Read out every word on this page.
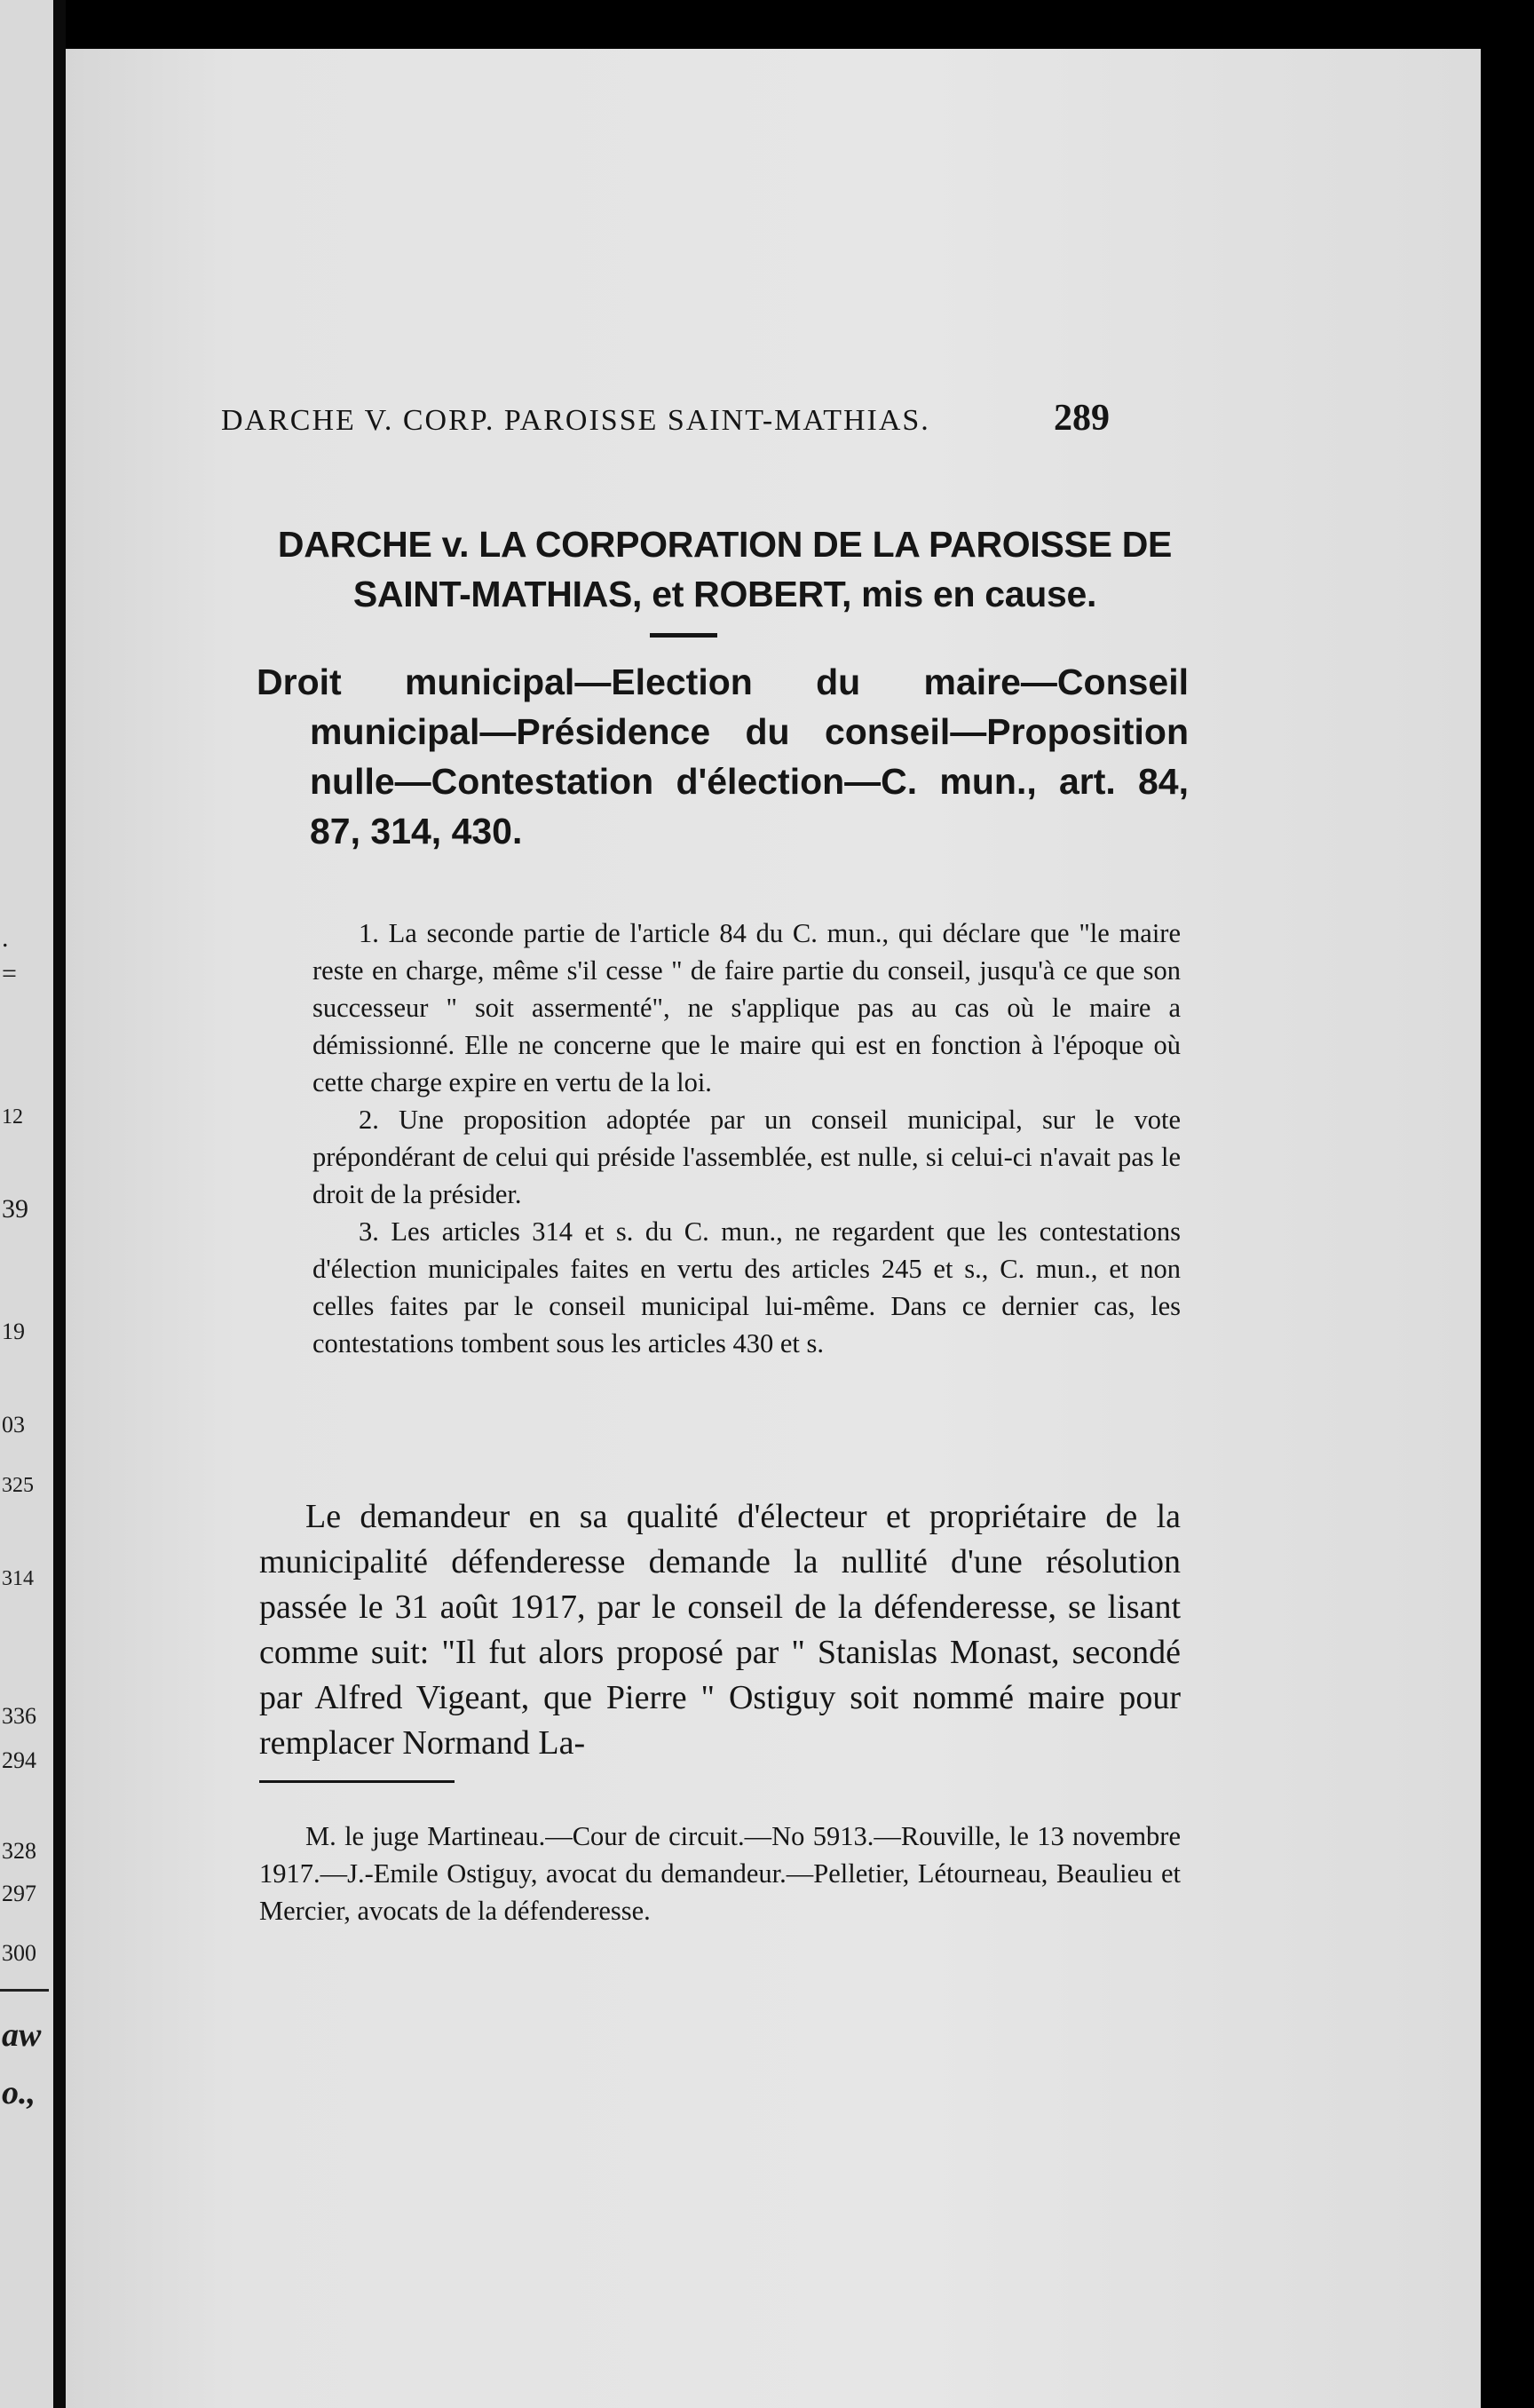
.
=
12
39
19
03
325
314
336
294
328
297
300
aw
o.,
DARCHE V. CORP. PAROISSE SAINT-MATHIAS.	289
DARCHE v. LA CORPORATION DE LA PAROISSE DE SAINT-MATHIAS, et ROBERT, mis en cause.
Droit municipal—Election du maire—Conseil municipal—Présidence du conseil—Proposition nulle—Contestation d'élection—C. mun., art. 84, 87, 314, 430.

1. La seconde partie de l'article 84 du C. mun., qui déclare que "le maire reste en charge, même s'il cesse " de faire partie du conseil, jusqu'à ce que son successeur " soit assermenté", ne s'applique pas au cas où le maire a démissionné. Elle ne concerne que le maire qui est en fonction à l'époque où cette charge expire en vertu de la loi.

2. Une proposition adoptée par un conseil municipal, sur le vote prépondérant de celui qui préside l'assemblée, est nulle, si celui-ci n'avait pas le droit de la présider.

3. Les articles 314 et s. du C. mun., ne regardent que les contestations d'élection municipales faites en vertu des articles 245 et s., C. mun., et non celles faites par le conseil municipal lui-même. Dans ce dernier cas, les contestations tombent sous les articles 430 et s.

Le demandeur en sa qualité d'électeur et propriétaire de la municipalité défenderesse demande la nullité d'une résolution passée le 31 août 1917, par le conseil de la défenderesse, se lisant comme suit: "Il fut alors proposé par " Stanislas Monast, secondé par Alfred Vigeant, que Pierre " Ostiguy soit nommé maire pour remplacer Normand La-

M. le juge Martineau.—Cour de circuit.—No 5913.—Rouville, le 13 novembre 1917.—J.-Emile Ostiguy, avocat du demandeur.—Pelletier, Létourneau, Beaulieu et Mercier, avocats de la défenderesse.
